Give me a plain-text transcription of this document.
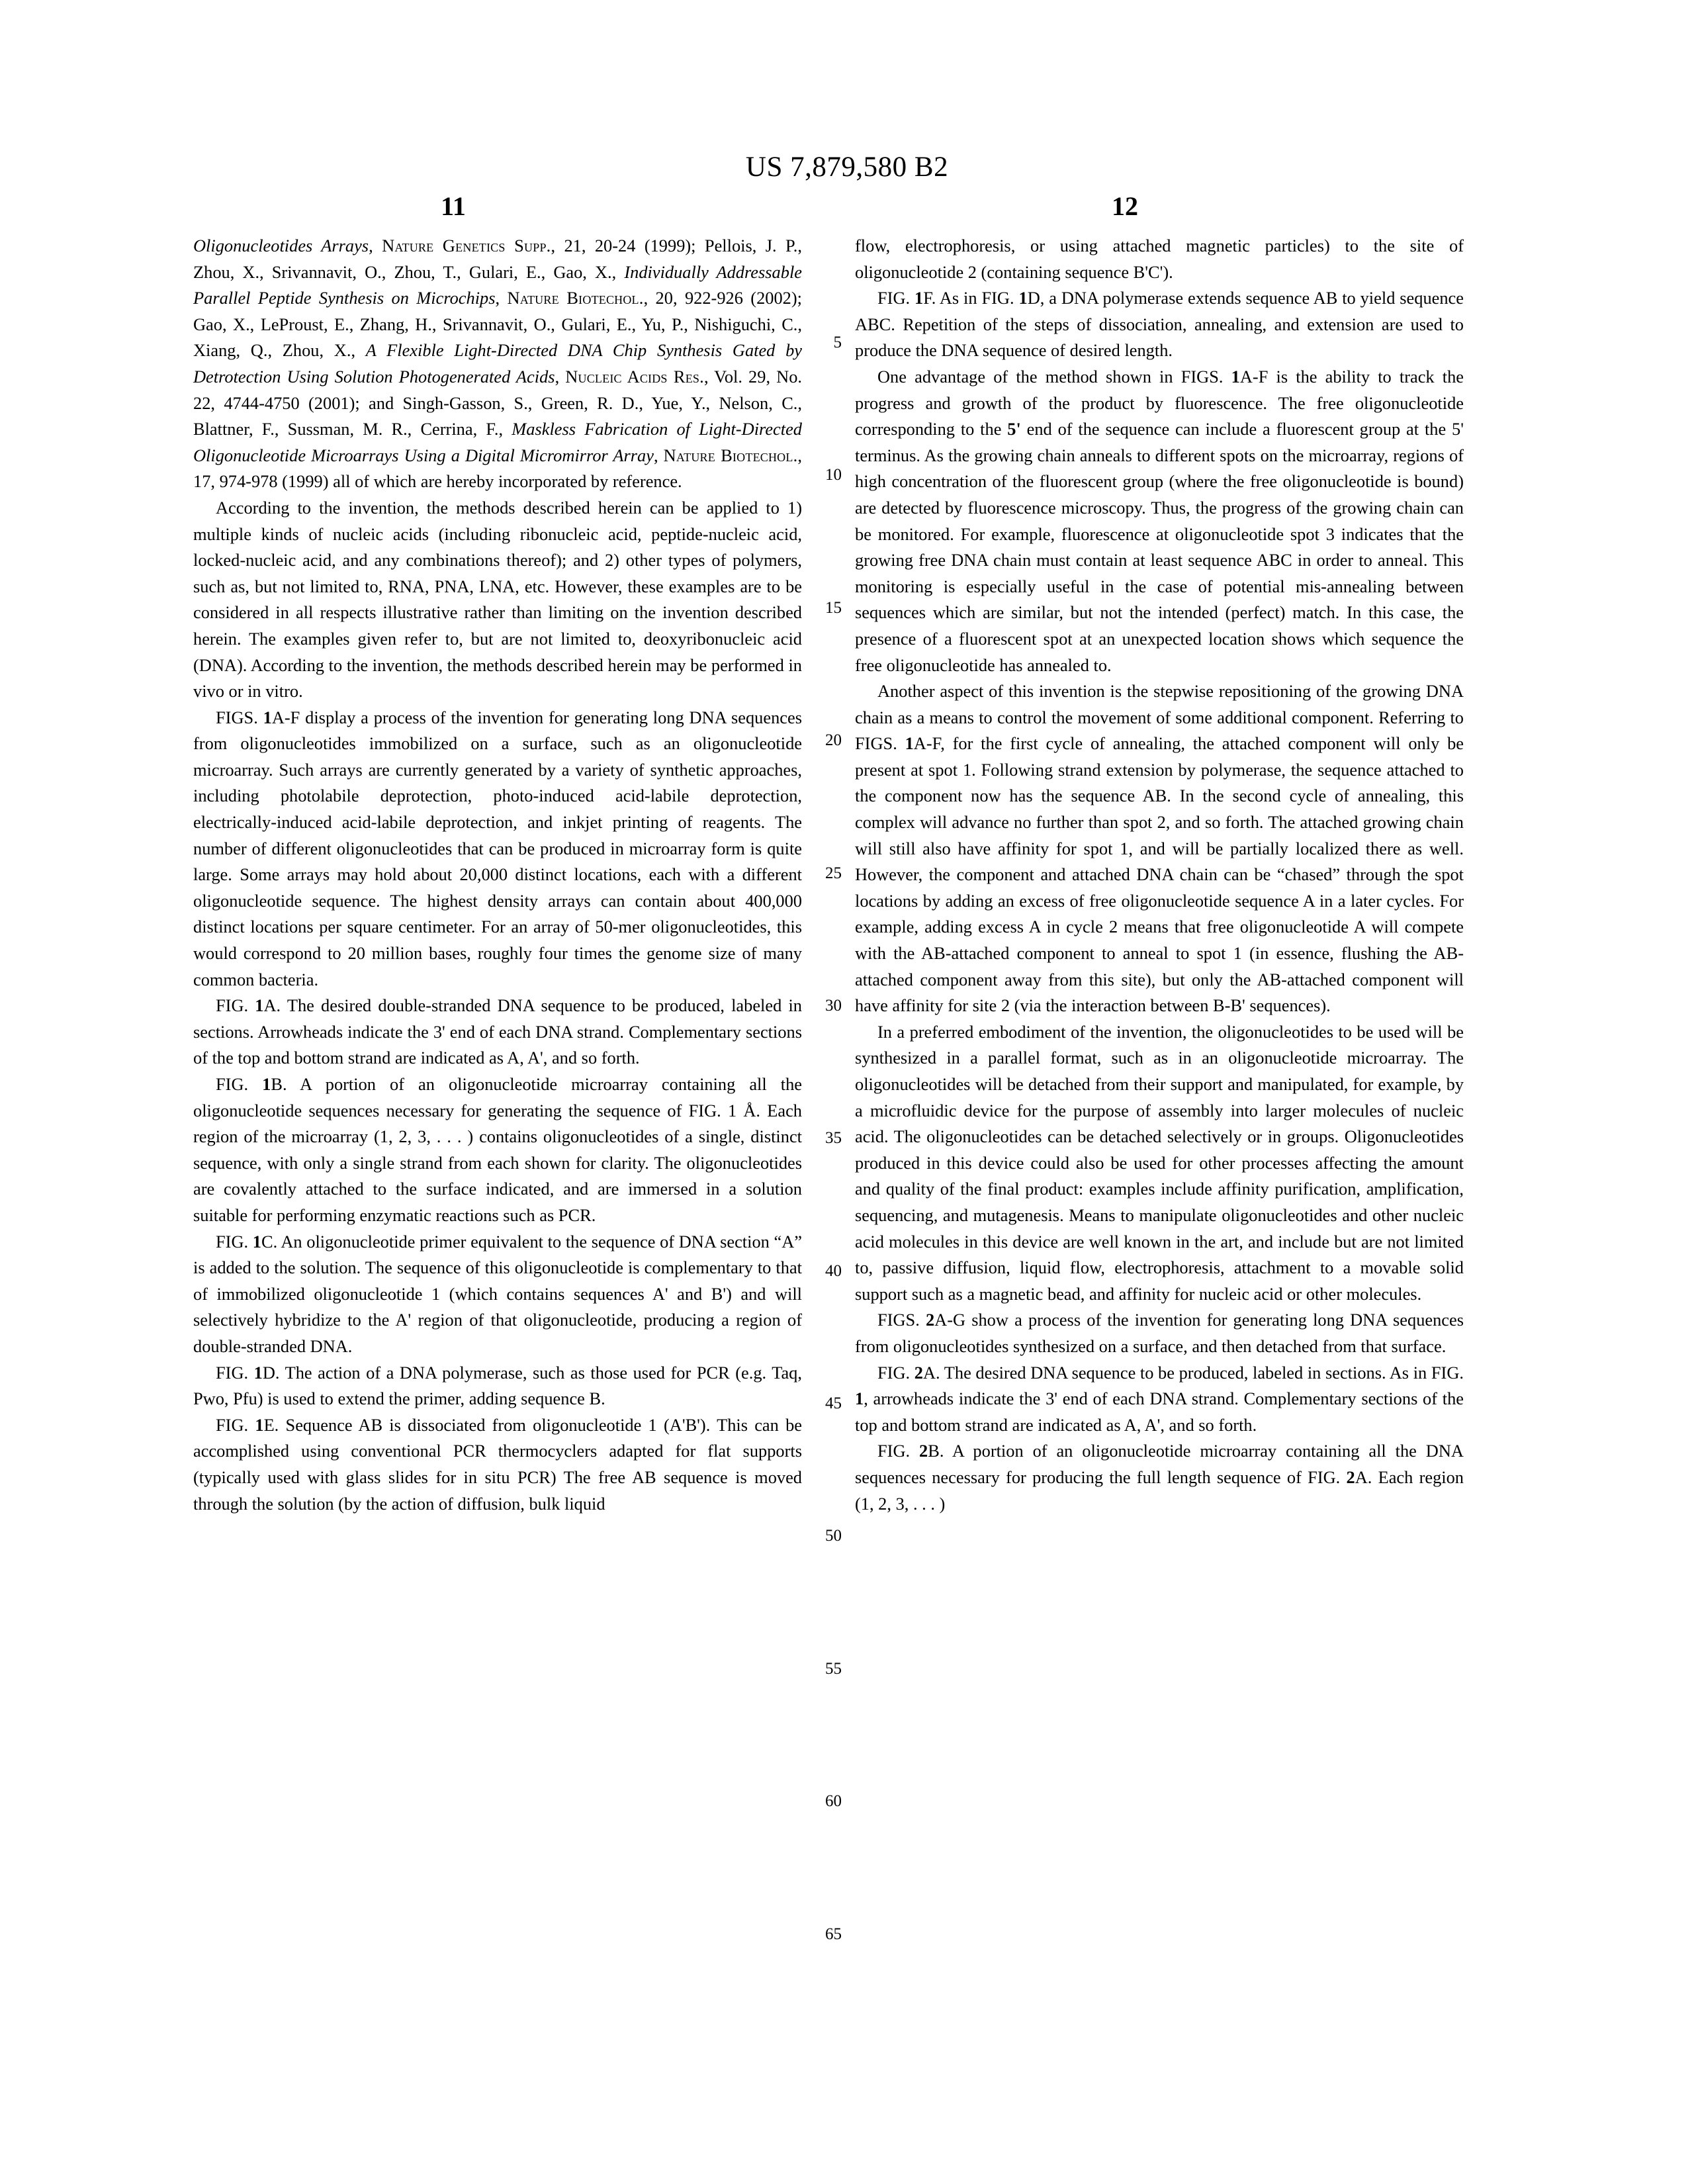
US 7,879,580 B2
11	12
5
10
15
20
25
30
35
40
45
50
55
60
65

Oligonucleotides Arrays, Nature Genetics Supp., 21, 20-24 (1999); Pellois, J. P., Zhou, X., Srivannavit, O., Zhou, T., Gulari, E., Gao, X., Individually Addressable Parallel Peptide Synthesis on Microchips, Nature Biotechol., 20, 922-926 (2002); Gao, X., LeProust, E., Zhang, H., Srivannavit, O., Gulari, E., Yu, P., Nishiguchi, C., Xiang, Q., Zhou, X., A Flexible Light-Directed DNA Chip Synthesis Gated by Detrotection Using Solution Photogenerated Acids, Nucleic Acids Res., Vol. 29, No. 22, 4744-4750 (2001); and Singh-Gasson, S., Green, R. D., Yue, Y., Nelson, C., Blattner, F., Sussman, M. R., Cerrina, F., Maskless Fabrication of Light-Directed Oligonucleotide Microarrays Using a Digital Micromirror Array, Nature Biotechol., 17, 974-978 (1999) all of which are hereby incorporated by reference.

According to the invention, the methods described herein can be applied to 1) multiple kinds of nucleic acids (including ribonucleic acid, peptide-nucleic acid, locked-nucleic acid, and any combinations thereof); and 2) other types of polymers, such as, but not limited to, RNA, PNA, LNA, etc. However, these examples are to be considered in all respects illustrative rather than limiting on the invention described herein. The examples given refer to, but are not limited to, deoxyribonucleic acid (DNA). According to the invention, the methods described herein may be performed in vivo or in vitro.

FIGS. 1A-F display a process of the invention for generating long DNA sequences from oligonucleotides immobilized on a surface, such as an oligonucleotide microarray. Such arrays are currently generated by a variety of synthetic approaches, including photolabile deprotection, photo-induced acid-labile deprotection, electrically-induced acid-labile deprotection, and inkjet printing of reagents. The number of different oligonucleotides that can be produced in microarray form is quite large. Some arrays may hold about 20,000 distinct locations, each with a different oligonucleotide sequence. The highest density arrays can contain about 400,000 distinct locations per square centimeter. For an array of 50-mer oligonucleotides, this would correspond to 20 million bases, roughly four times the genome size of many common bacteria.

FIG. 1A. The desired double-stranded DNA sequence to be produced, labeled in sections. Arrowheads indicate the 3' end of each DNA strand. Complementary sections of the top and bottom strand are indicated as A, A', and so forth.

FIG. 1B. A portion of an oligonucleotide microarray containing all the oligonucleotide sequences necessary for generating the sequence of FIG. 1 Å. Each region of the microarray (1, 2, 3, . . . ) contains oligonucleotides of a single, distinct sequence, with only a single strand from each shown for clarity. The oligonucleotides are covalently attached to the surface indicated, and are immersed in a solution suitable for performing enzymatic reactions such as PCR.

FIG. 1C. An oligonucleotide primer equivalent to the sequence of DNA section “A” is added to the solution. The sequence of this oligonucleotide is complementary to that of immobilized oligonucleotide 1 (which contains sequences A' and B') and will selectively hybridize to the A' region of that oligonucleotide, producing a region of double-stranded DNA.

FIG. 1D. The action of a DNA polymerase, such as those used for PCR (e.g. Taq, Pwo, Pfu) is used to extend the primer, adding sequence B.

FIG. 1E. Sequence AB is dissociated from oligonucleotide 1 (A'B'). This can be accomplished using conventional PCR thermocyclers adapted for flat supports (typically used with glass slides for in situ PCR) The free AB sequence is moved through the solution (by the action of diffusion, bulk liquid

flow, electrophoresis, or using attached magnetic particles) to the site of oligonucleotide 2 (containing sequence B'C').

FIG. 1F. As in FIG. 1D, a DNA polymerase extends sequence AB to yield sequence ABC. Repetition of the steps of dissociation, annealing, and extension are used to produce the DNA sequence of desired length.

One advantage of the method shown in FIGS. 1A-F is the ability to track the progress and growth of the product by fluorescence. The free oligonucleotide corresponding to the 5' end of the sequence can include a fluorescent group at the 5' terminus. As the growing chain anneals to different spots on the microarray, regions of high concentration of the fluorescent group (where the free oligonucleotide is bound) are detected by fluorescence microscopy. Thus, the progress of the growing chain can be monitored. For example, fluorescence at oligonucleotide spot 3 indicates that the growing free DNA chain must contain at least sequence ABC in order to anneal. This monitoring is especially useful in the case of potential mis-annealing between sequences which are similar, but not the intended (perfect) match. In this case, the presence of a fluorescent spot at an unexpected location shows which sequence the free oligonucleotide has annealed to.

Another aspect of this invention is the stepwise repositioning of the growing DNA chain as a means to control the movement of some additional component. Referring to FIGS. 1A-F, for the first cycle of annealing, the attached component will only be present at spot 1. Following strand extension by polymerase, the sequence attached to the component now has the sequence AB. In the second cycle of annealing, this complex will advance no further than spot 2, and so forth. The attached growing chain will still also have affinity for spot 1, and will be partially localized there as well. However, the component and attached DNA chain can be “chased” through the spot locations by adding an excess of free oligonucleotide sequence A in a later cycles. For example, adding excess A in cycle 2 means that free oligonucleotide A will compete with the AB-attached component to anneal to spot 1 (in essence, flushing the AB-attached component away from this site), but only the AB-attached component will have affinity for site 2 (via the interaction between B-B' sequences).

In a preferred embodiment of the invention, the oligonucleotides to be used will be synthesized in a parallel format, such as in an oligonucleotide microarray. The oligonucleotides will be detached from their support and manipulated, for example, by a microfluidic device for the purpose of assembly into larger molecules of nucleic acid. The oligonucleotides can be detached selectively or in groups. Oligonucleotides produced in this device could also be used for other processes affecting the amount and quality of the final product: examples include affinity purification, amplification, sequencing, and mutagenesis. Means to manipulate oligonucleotides and other nucleic acid molecules in this device are well known in the art, and include but are not limited to, passive diffusion, liquid flow, electrophoresis, attachment to a movable solid support such as a magnetic bead, and affinity for nucleic acid or other molecules.

FIGS. 2A-G show a process of the invention for generating long DNA sequences from oligonucleotides synthesized on a surface, and then detached from that surface.

FIG. 2A. The desired DNA sequence to be produced, labeled in sections. As in FIG. 1, arrowheads indicate the 3' end of each DNA strand. Complementary sections of the top and bottom strand are indicated as A, A', and so forth.

FIG. 2B. A portion of an oligonucleotide microarray containing all the DNA sequences necessary for producing the full length sequence of FIG. 2A. Each region (1, 2, 3, . . . )
